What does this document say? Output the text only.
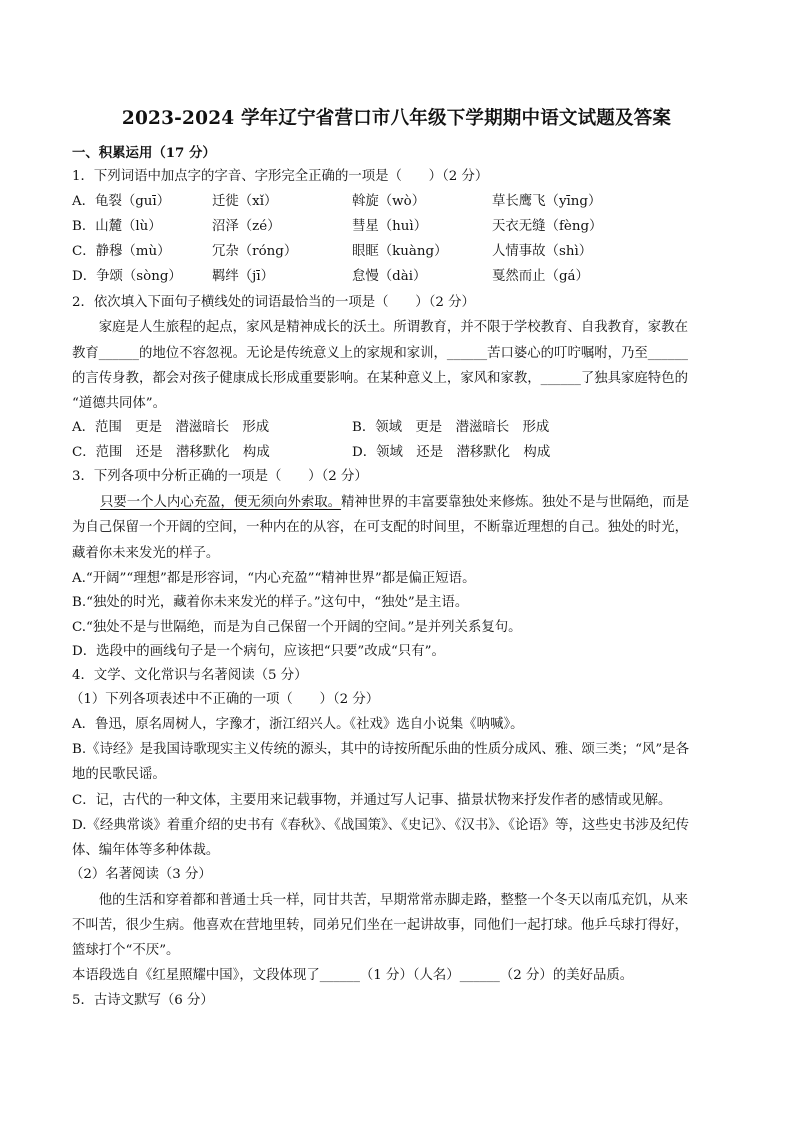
2023-2024 学年辽宁省营口市八年级下学期期中语文试题及答案
一、积累运用（17 分）
1．下列词语中加点字的字音、字形完全正确的一项是（　　）（2 分）
A．龟裂（guī）	迁徙（xǐ）	斡旋（wò）	草长鹰飞（yīng）
B．山麓（lù）	沼泽（zé）	彗星（huì）	天衣无缝（fèng）
C．静穆（mù）	冗杂（róng）	眼眶（kuàng）	人情事故（shì）
D．争颂（sòng） 羁绊（jī）	怠慢（dài）	戛然而止（gá）
2．依次填入下面句子横线处的词语最恰当的一项是（　　）（2 分）
　　家庭是人生旅程的起点，家风是精神成长的沃土。所谓教育，并不限于学校教育、自我教育，家教在
教育______的地位不容忽视。无论是传统意义上的家规和家训，______苦口婆心的叮咛嘱咐，乃至______
的言传身教，都会对孩子健康成长形成重要影响。在某种意义上，家风和家教，______了独具家庭特色的
“道德共同体”。
A．范围　更是　潜滋暗长　形成	B．领域　更是　潜滋暗长　形成
C．范围　还是　潜移默化　构成	D．领域　还是　潜移默化　构成
3．下列各项中分析正确的一项是（　　）（2 分）
只要一个人内心充盈，便无须向外索取。精神世界的丰富要靠独处来修炼。独处不是与世隔绝，而是
为自己保留一个开阔的空间，一种内在的从容，在可支配的时间里，不断靠近理想的自己。独处的时光，
藏着你未来发光的样子。
A.“开阔”“理想”都是形容词，“内心充盈”“精神世界”都是偏正短语。
B.“独处的时光，藏着你未来发光的样子。”这句中，“独处”是主语。
C.“独处不是与世隔绝，而是为自己保留一个开阔的空间。”是并列关系复句。
D．选段中的画线句子是一个病句，应该把“只要”改成“只有”。
4．文学、文化常识与名著阅读（5 分）
（1）下列各项表述中不正确的一项（　　）（2 分）
A．鲁迅，原名周树人，字豫才，浙江绍兴人。《社戏》选自小说集《呐喊》。
B.《诗经》是我国诗歌现实主义传统的源头，其中的诗按所配乐曲的性质分成风、雅、颂三类；“风”是各
地的民歌民谣。
C．记，古代的一种文体，主要用来记载事物，并通过写人记事、描景状物来抒发作者的感情或见解。
D.《经典常谈》着重介绍的史书有《春秋》、《战国策》、《史记》、《汉书》、《论语》等，这些史书涉及纪传
体、编年体等多种体裁。
（2）名著阅读（3 分）
　　他的生活和穿着都和普通士兵一样，同甘共苦，早期常常赤脚走路，整整一个冬天以南瓜充饥，从来
不叫苦，很少生病。他喜欢在营地里转，同弟兄们坐在一起讲故事，同他们一起打球。他乒乓球打得好，
篮球打个“不厌”。
本语段选自《红星照耀中国》，文段体现了______（1 分）（人名）______（2 分）的美好品质。
5．古诗文默写（6 分）
